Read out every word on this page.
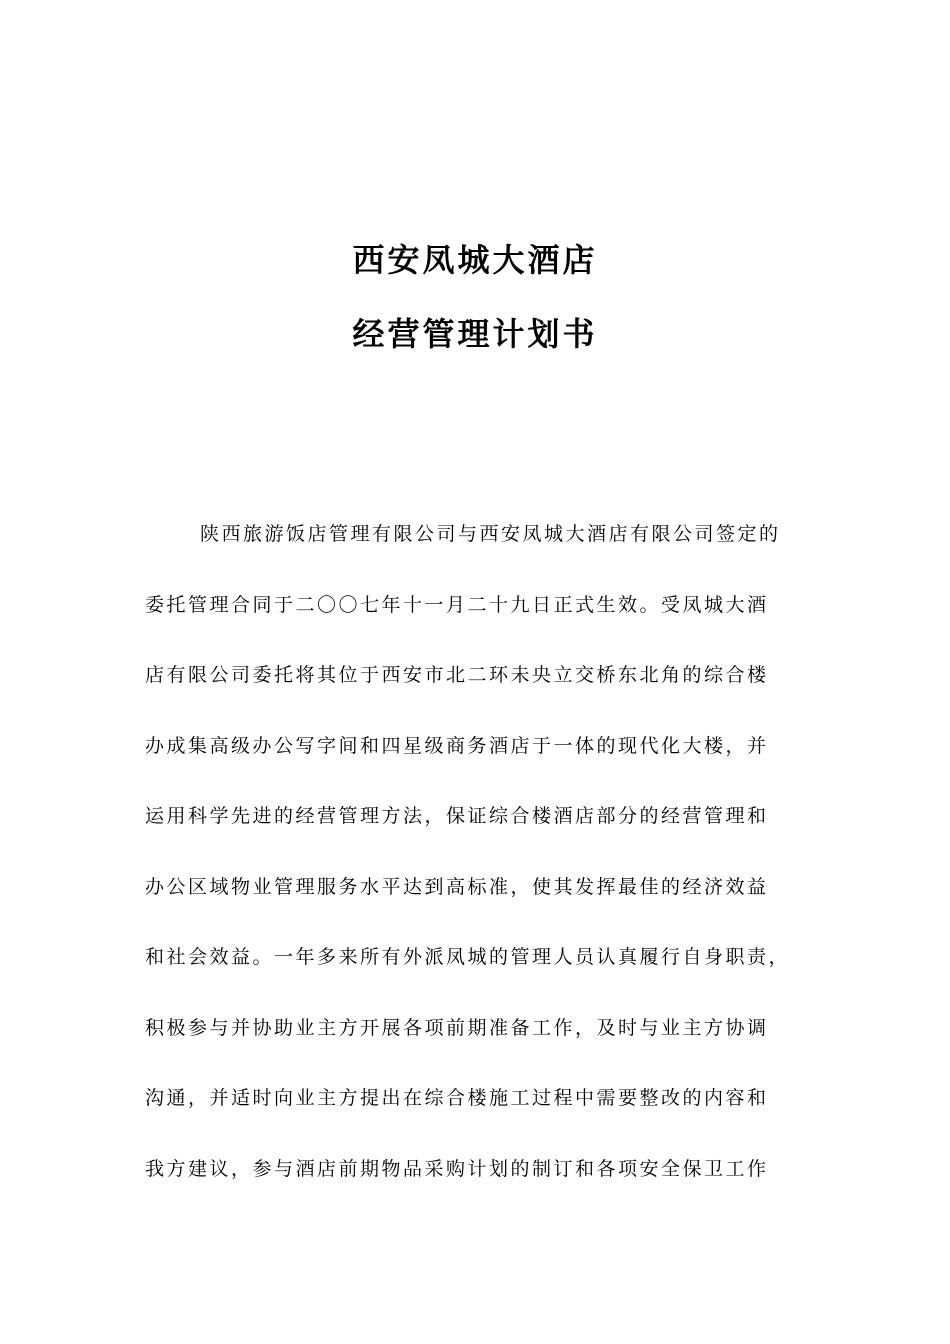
西安凤城大酒店
经营管理计划书
陕西旅游饭店管理有限公司与西安凤城大酒店有限公司签定的
委托管理合同于二〇〇七年十一月二十九日正式生效。受凤城大酒
店有限公司委托将其位于西安市北二环未央立交桥东北角的综合楼
办成集高级办公写字间和四星级商务酒店于一体的现代化大楼，并
运用科学先进的经营管理方法，保证综合楼酒店部分的经营管理和
办公区域物业管理服务水平达到高标准，使其发挥最佳的经济效益
和社会效益。一年多来所有外派凤城的管理人员认真履行自身职责，
积极参与并协助业主方开展各项前期准备工作，及时与业主方协调
沟通，并适时向业主方提出在综合楼施工过程中需要整改的内容和
我方建议，参与酒店前期物品采购计划的制订和各项安全保卫工作
